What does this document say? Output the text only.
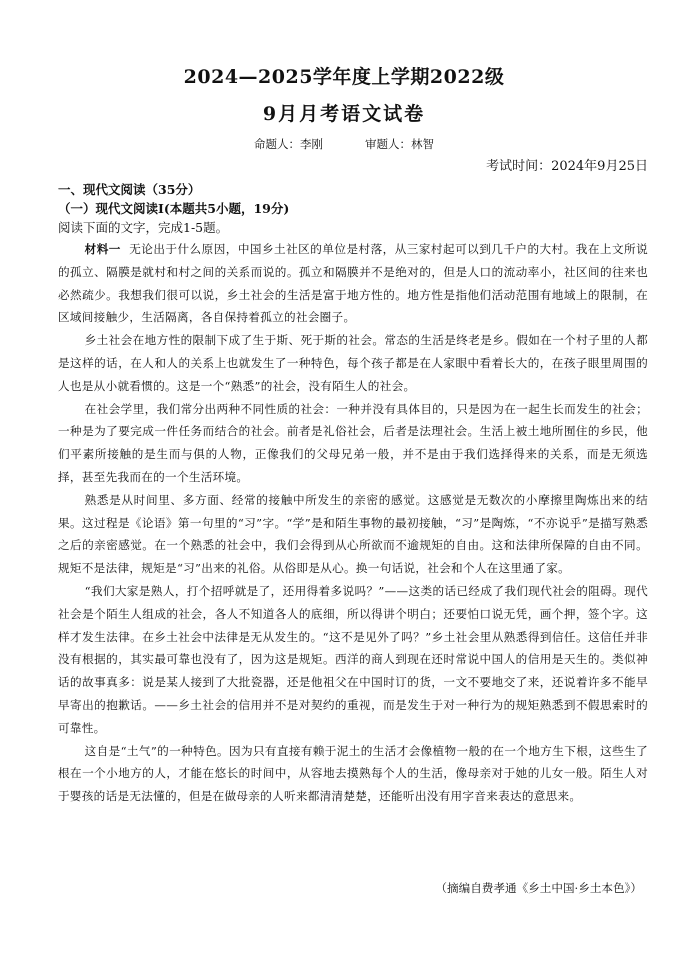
2024—2025学年度上学期2022级
9月月考语文试卷
命题人：李刚	审题人：林智
考试时间：2024年9月25日
一、现代文阅读（35分）
（一）现代文阅读I(本题共5小题，19分)
阅读下面的文字，完成1-5题。

材料一 无论出于什么原因，中国乡土社区的单位是村落，从三家村起可以到几千户的大村。我在上文所说的孤立、隔膜是就村和村之间的关系而说的。孤立和隔膜并不是绝对的，但是人口的流动率小，社区间的往来也必然疏少。我想我们很可以说，乡土社会的生活是富于地方性的。地方性是指他们活动范围有地域上的限制，在区域间接触少，生活隔离，各自保持着孤立的社会圈子。

乡土社会在地方性的限制下成了生于斯、死于斯的社会。常态的生活是终老是乡。假如在一个村子里的人都是这样的话，在人和人的关系上也就发生了一种特色，每个孩子都是在人家眼中看着长大的，在孩子眼里周围的人也是从小就看惯的。这是一个“熟悉”的社会，没有陌生人的社会。

在社会学里，我们常分出两种不同性质的社会：一种并没有具体目的，只是因为在一起生长而发生的社会；一种是为了要完成一件任务而结合的社会。前者是礼俗社会，后者是法理社会。生活上被土地所囿住的乡民，他们平素所接触的是生而与俱的人物，正像我们的父母兄弟一般，并不是由于我们选择得来的关系，而是无须选择，甚至先我而在的一个生活环境。

熟悉是从时间里、多方面、经常的接触中所发生的亲密的感觉。这感觉是无数次的小摩擦里陶炼出来的结果。这过程是《论语》第一句里的“习”字。“学”是和陌生事物的最初接触，“习”是陶炼，“不亦说乎”是描写熟悉之后的亲密感觉。在一个熟悉的社会中，我们会得到从心所欲而不逾规矩的自由。这和法律所保障的自由不同。规矩不是法律，规矩是“习”出来的礼俗。从俗即是从心。换一句话说，社会和个人在这里通了家。

“我们大家是熟人，打个招呼就是了，还用得着多说吗？”——这类的话已经成了我们现代社会的阻碍。现代社会是个陌生人组成的社会，各人不知道各人的底细，所以得讲个明白；还要怕口说无凭，画个押，签个字。这样才发生法律。在乡土社会中法律是无从发生的。“这不是见外了吗？”乡土社会里从熟悉得到信任。这信任并非没有根据的，其实最可靠也没有了，因为这是规矩。西洋的商人到现在还时常说中国人的信用是天生的。类似神话的故事真多：说是某人接到了大批瓷器，还是他祖父在中国时订的货，一文不要地交了来，还说着许多不能早早寄出的抱歉话。——乡土社会的信用并不是对契约的重视，而是发生于对一种行为的规矩熟悉到不假思索时的可靠性。

这自是“土气”的一种特色。因为只有直接有赖于泥土的生活才会像植物一般的在一个地方生下根，这些生了根在一个小地方的人，才能在悠长的时间中，从容地去摸熟每个人的生活，像母亲对于她的儿女一般。陌生人对于婴孩的话是无法懂的，但是在做母亲的人听来都清清楚楚，还能听出没有用字音来表达的意思来。

（摘编自费孝通《乡土中国·乡土本色》）
